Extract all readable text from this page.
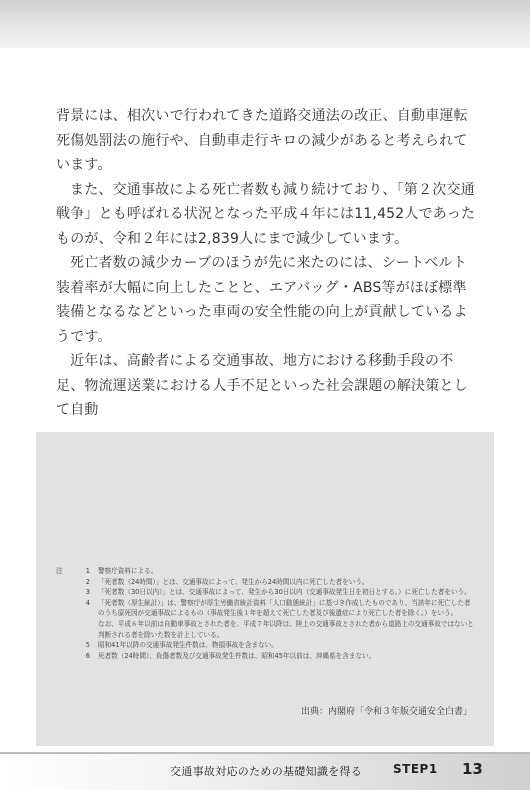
背景には、相次いで行われてきた道路交通法の改正、自動車運転死傷処罰法の施行や、自動車走行キロの減少があると考えられています。

また、交通事故による死亡者数も減り続けており、「第２次交通戦争」とも呼ばれる状況となった平成４年には11,452人であったものが、令和２年には2,839人にまで減少しています。

死亡者数の減少カーブのほうが先に来たのには、シートベルト装着率が大幅に向上したことと、エアバッグ・ABS等がほぼ標準装備となるなどといった車両の安全性能の向上が貢献しているようです。

近年は、高齢者による交通事故、地方における移動手段の不足、物流運送業における人手不足といった社会課題の解決策として自動

注	1	警察庁資料による。
2	「死者数（24時間）」とは、交通事故によって、発生から24時間以内に死亡した者をいう。
3	「死者数（30日以内）」とは、交通事故によって、発生から30日以内（交通事故発生日を初日とする。）に死亡した者をいう。
4	「死者数（厚生統計）」は、警察庁が厚生労働省統計資料「人口動態統計」に基づき作成したものであり、当該年に死亡した者のうち原死因が交通事故によるもの（事故発生後１年を超えて死亡した者及び後遺症により死亡した者を除く。）をいう。
なお、平成６年以前は自動車事故とされた者を、平成７年以降は、陸上の交通事故とされた者から道路上の交通事故ではないと判断される者を除いた数を計上している。
5	昭和41年以降の交通事故発生件数は、物損事故を含まない。
6	死者数（24時間）、負傷者数及び交通事故発生件数は、昭和45年以前は、沖縄県を含まない。
出典：内閣府「令和３年版交通安全白書」
交通事故対応のための基礎知識を得る	STEP1 13
